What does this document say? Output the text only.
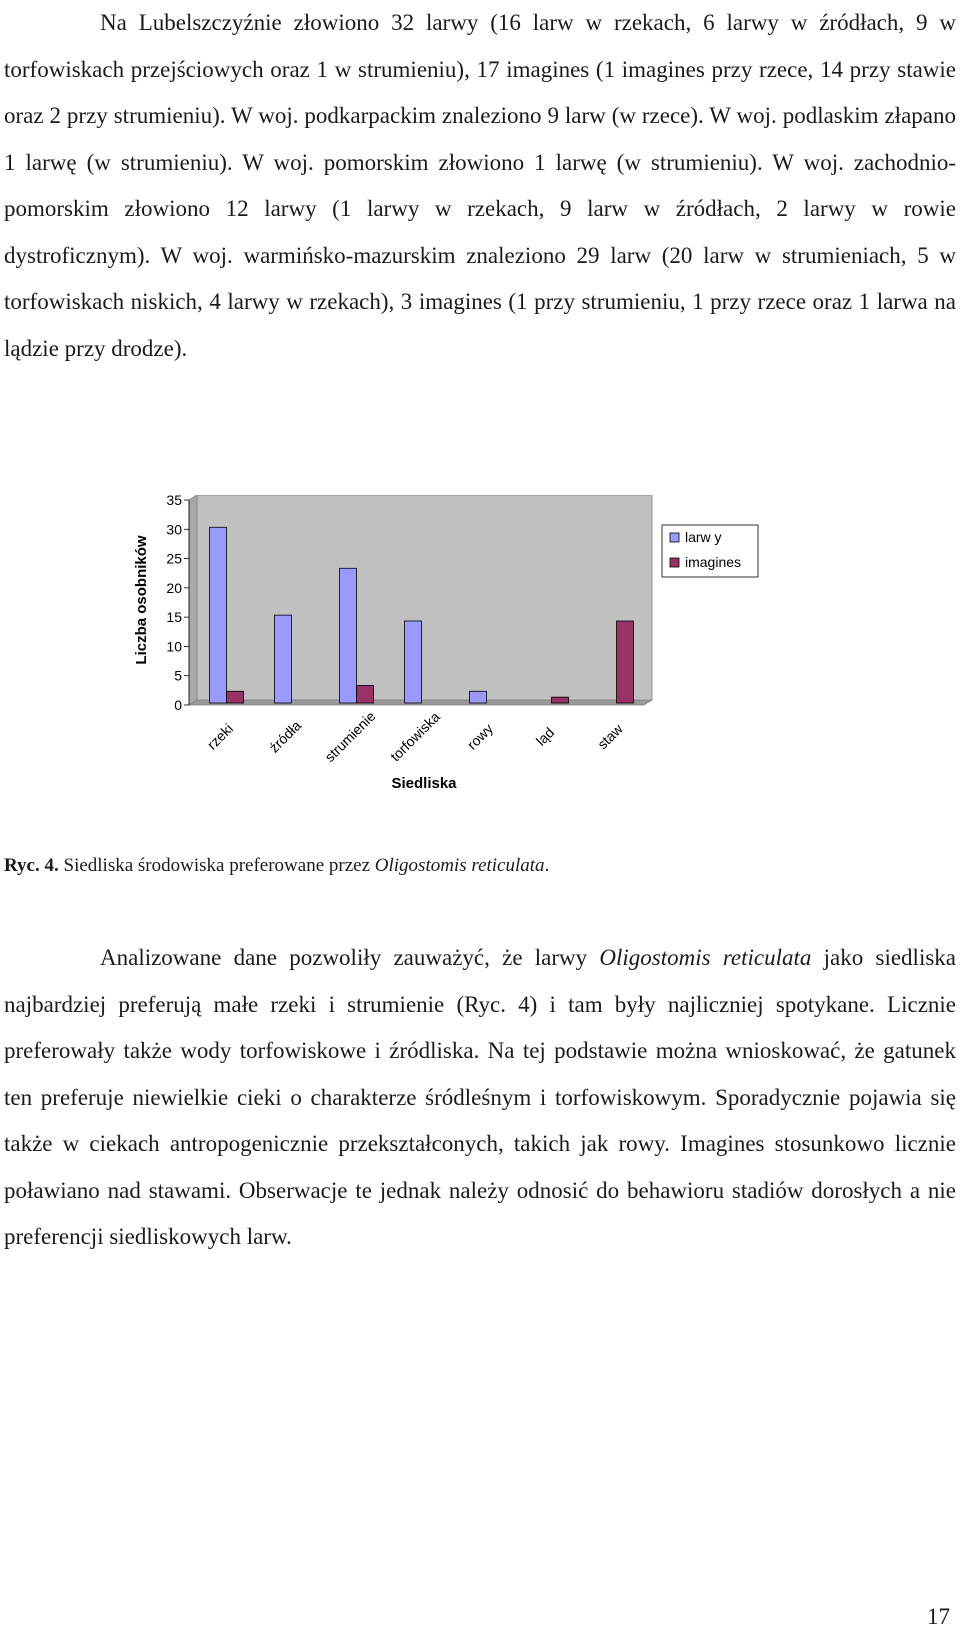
Na Lubelszczyźnie złowiono 32 larwy (16 larw w rzekach, 6 larwy w źródłach, 9 w torfowiskach przejściowych oraz 1 w strumieniu), 17 imagines (1 imagines przy rzece, 14 przy stawie oraz 2 przy strumieniu). W woj. podkarpackim znaleziono 9 larw (w rzece). W woj. podlaskim złapano 1 larwę (w strumieniu). W woj. pomorskim złowiono 1 larwę (w strumieniu). W woj. zachodnio-pomorskim złowiono 12 larwy (1 larwy w rzekach, 9 larw w źródłach, 2 larwy w rowie dystroficznym). W woj. warmińsko-mazurskim znaleziono 29 larw (20 larw w strumieniach, 5 w torfowiskach niskich, 4 larwy w rzekach), 3 imagines (1 przy strumieniu, 1 przy rzece oraz 1 larwa na lądzie przy drodze).

0
5
10
15
20
25
30
35
rzeki źródła strumienie torfowiska rowy	ląd	staw
Liczba osobników
Siedliska
larw y
imagines

Ryc. 4. Siedliska środowiska preferowane przez Oligostomis reticulata.

Analizowane dane pozwoliły zauważyć, że larwy Oligostomis reticulata jako siedliska najbardziej preferują małe rzeki i strumienie (Ryc. 4) i tam były najliczniej spotykane. Licznie preferowały także wody torfowiskowe i źródliska. Na tej podstawie można wnioskować, że gatunek ten preferuje niewielkie cieki o charakterze śródleśnym i torfowiskowym. Sporadycznie pojawia się także w ciekach antropogenicznie przekształconych, takich jak rowy. Imagines stosunkowo licznie poławiano nad stawami. Obserwacje te jednak należy odnosić do behawioru stadiów dorosłych a nie preferencji siedliskowych larw.

17
